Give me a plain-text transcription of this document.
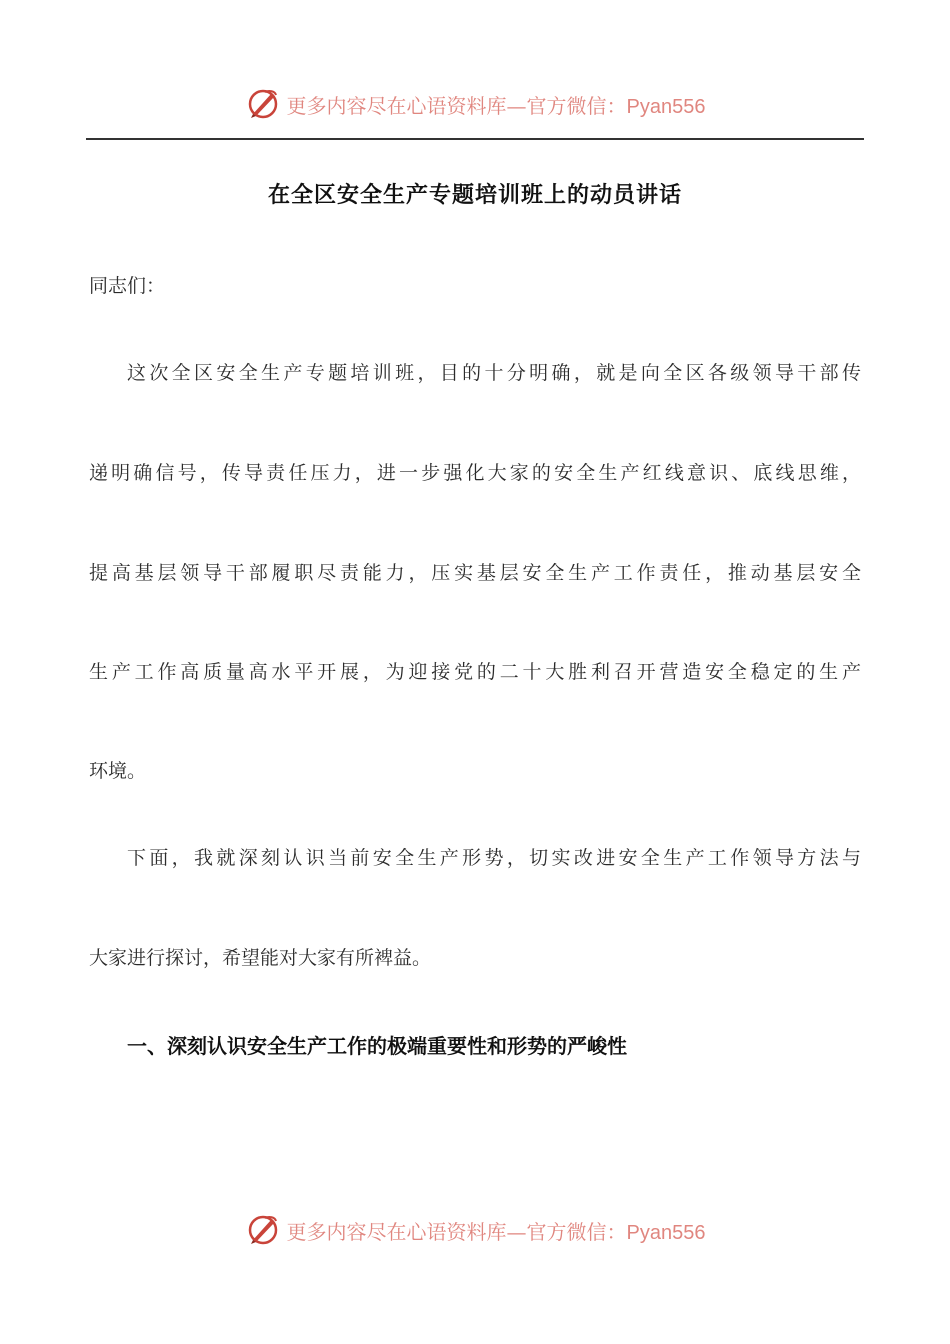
更多内容尽在心语资料库—官方微信：Pyan556
在全区安全生产专题培训班上的动员讲话

同志们：

这次全区安全生产专题培训班，目的十分明确，就是向全区各级领导干部传

递明确信号，传导责任压力，进一步强化大家的安全生产红线意识、底线思维，

提高基层领导干部履职尽责能力，压实基层安全生产工作责任，推动基层安全

生产工作高质量高水平开展，为迎接党的二十大胜利召开营造安全稳定的生产

环境。

下面，我就深刻认识当前安全生产形势，切实改进安全生产工作领导方法与

大家进行探讨，希望能对大家有所裨益。

一、深刻认识安全生产工作的极端重要性和形势的严峻性
更多内容尽在心语资料库—官方微信：Pyan556
